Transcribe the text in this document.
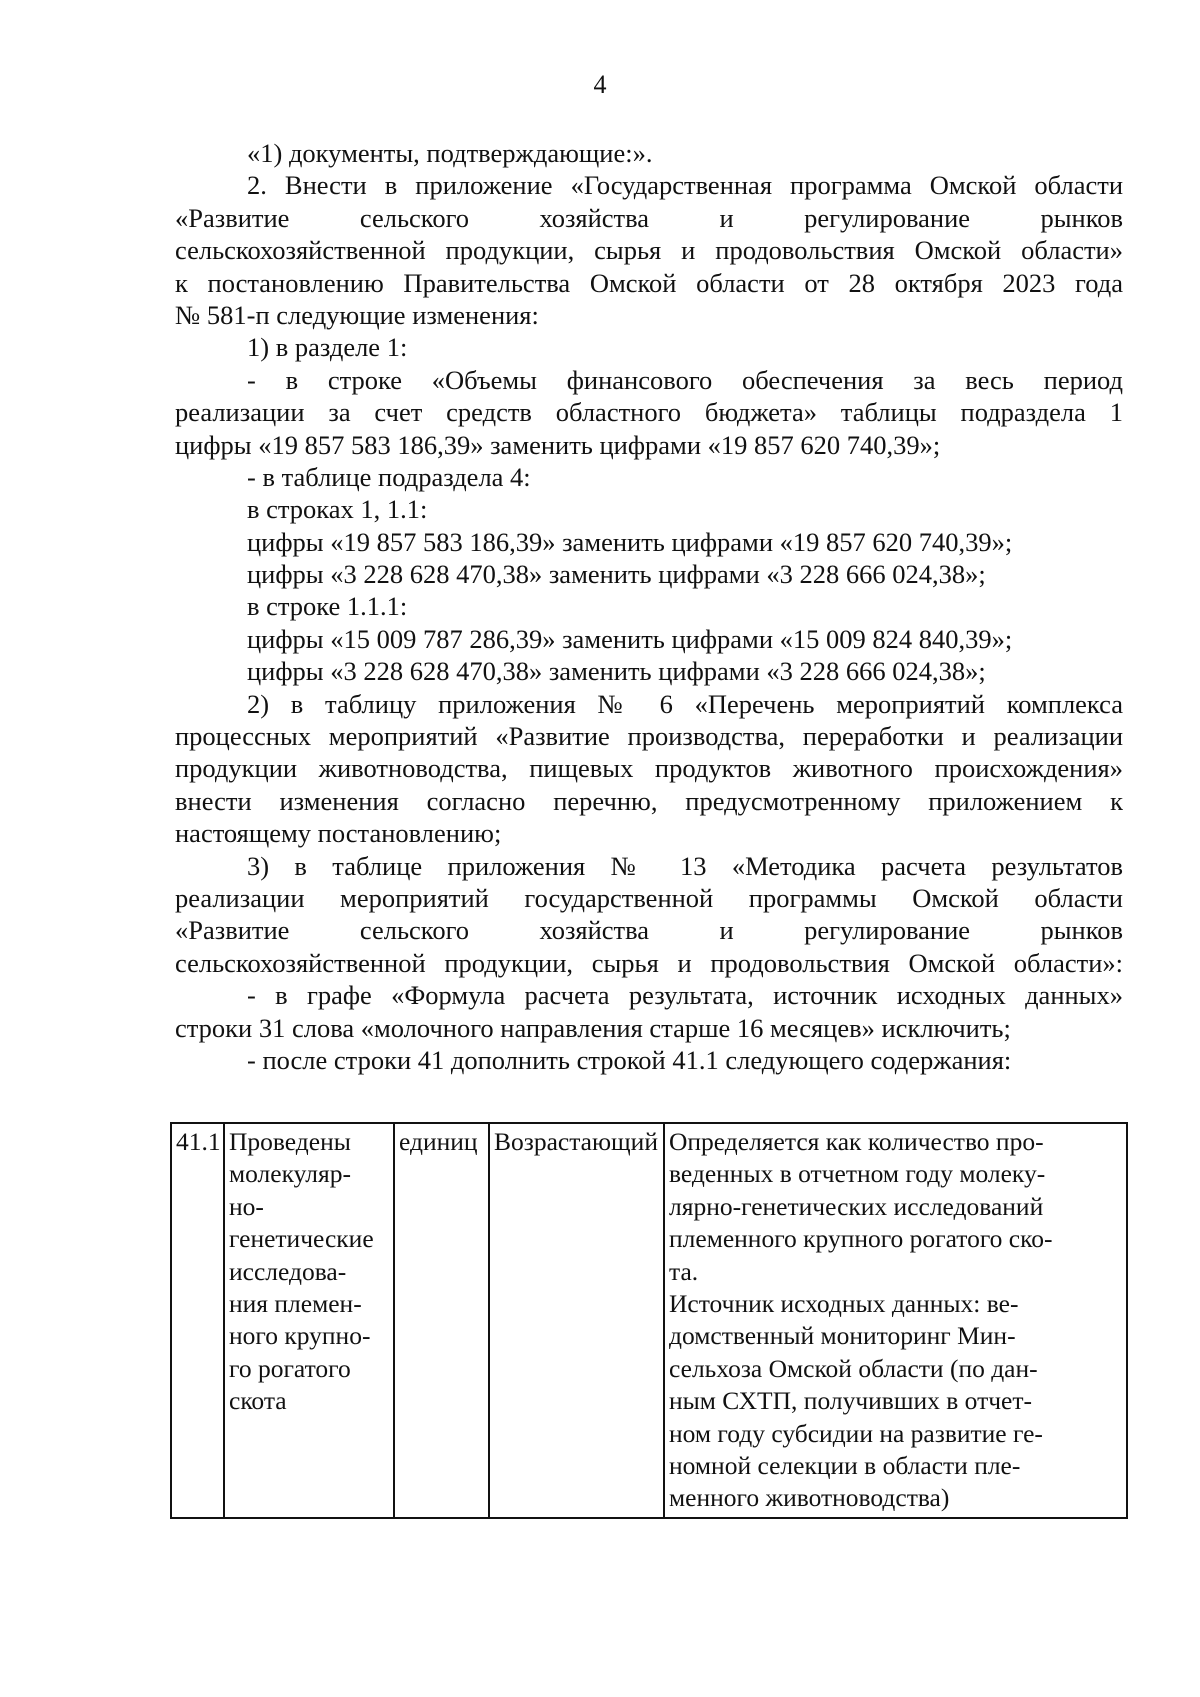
4
«1) документы, подтверждающие:».
2. Внести в приложение «Государственная программа Омской области
«Развитие сельского хозяйства и регулирование рынков
сельскохозяйственной продукции, сырья и продовольствия Омской области»
к постановлению Правительства Омской области от 28 октября 2023 года
№ 581-п следующие изменения:
1) в разделе 1:
- в строке «Объемы финансового обеспечения за весь период
реализации за счет средств областного бюджета» таблицы подраздела 1
цифры «19 857 583 186,39» заменить цифрами «19 857 620 740,39»;
- в таблице подраздела 4:
в строках 1, 1.1:
цифры «19 857 583 186,39» заменить цифрами «19 857 620 740,39»;
цифры «3 228 628 470,38» заменить цифрами «3 228 666 024,38»;
в строке 1.1.1:
цифры «15 009 787 286,39» заменить цифрами «15 009 824 840,39»;
цифры «3 228 628 470,38» заменить цифрами «3 228 666 024,38»;
2) в таблицу приложения № 6 «Перечень мероприятий комплекса
процессных мероприятий «Развитие производства, переработки и реализации
продукции животноводства, пищевых продуктов животного происхождения»
внести изменения согласно перечню, предусмотренному приложением к
настоящему постановлению;
3) в таблице приложения № 13 «Методика расчета результатов
реализации мероприятий государственной программы Омской области
«Развитие сельского хозяйства и регулирование рынков
сельскохозяйственной продукции, сырья и продовольствия Омской области»:
- в графе «Формула расчета результата, источник исходных данных»
строки 31 слова «молочного направления старше 16 месяцев» исключить;
- после строки 41 дополнить строкой 41.1 следующего содержания:
41.1	Проведены
молекуляр-
но-
генетические
исследова-
ния племен-
ного крупно-
го рогатого
скота
	единиц	Возрастающий	Определяется как количество про-
веденных в отчетном году молеку-
лярно-генетических исследований
племенного крупного рогатого ско-
та.
Источник исходных данных: ве-
домственный мониторинг Мин-
сельхоза Омской области (по дан-
ным СХТП, получивших в отчет-
ном году субсидии на развитие ге-
номной селекции в области пле-
менного животноводства)
